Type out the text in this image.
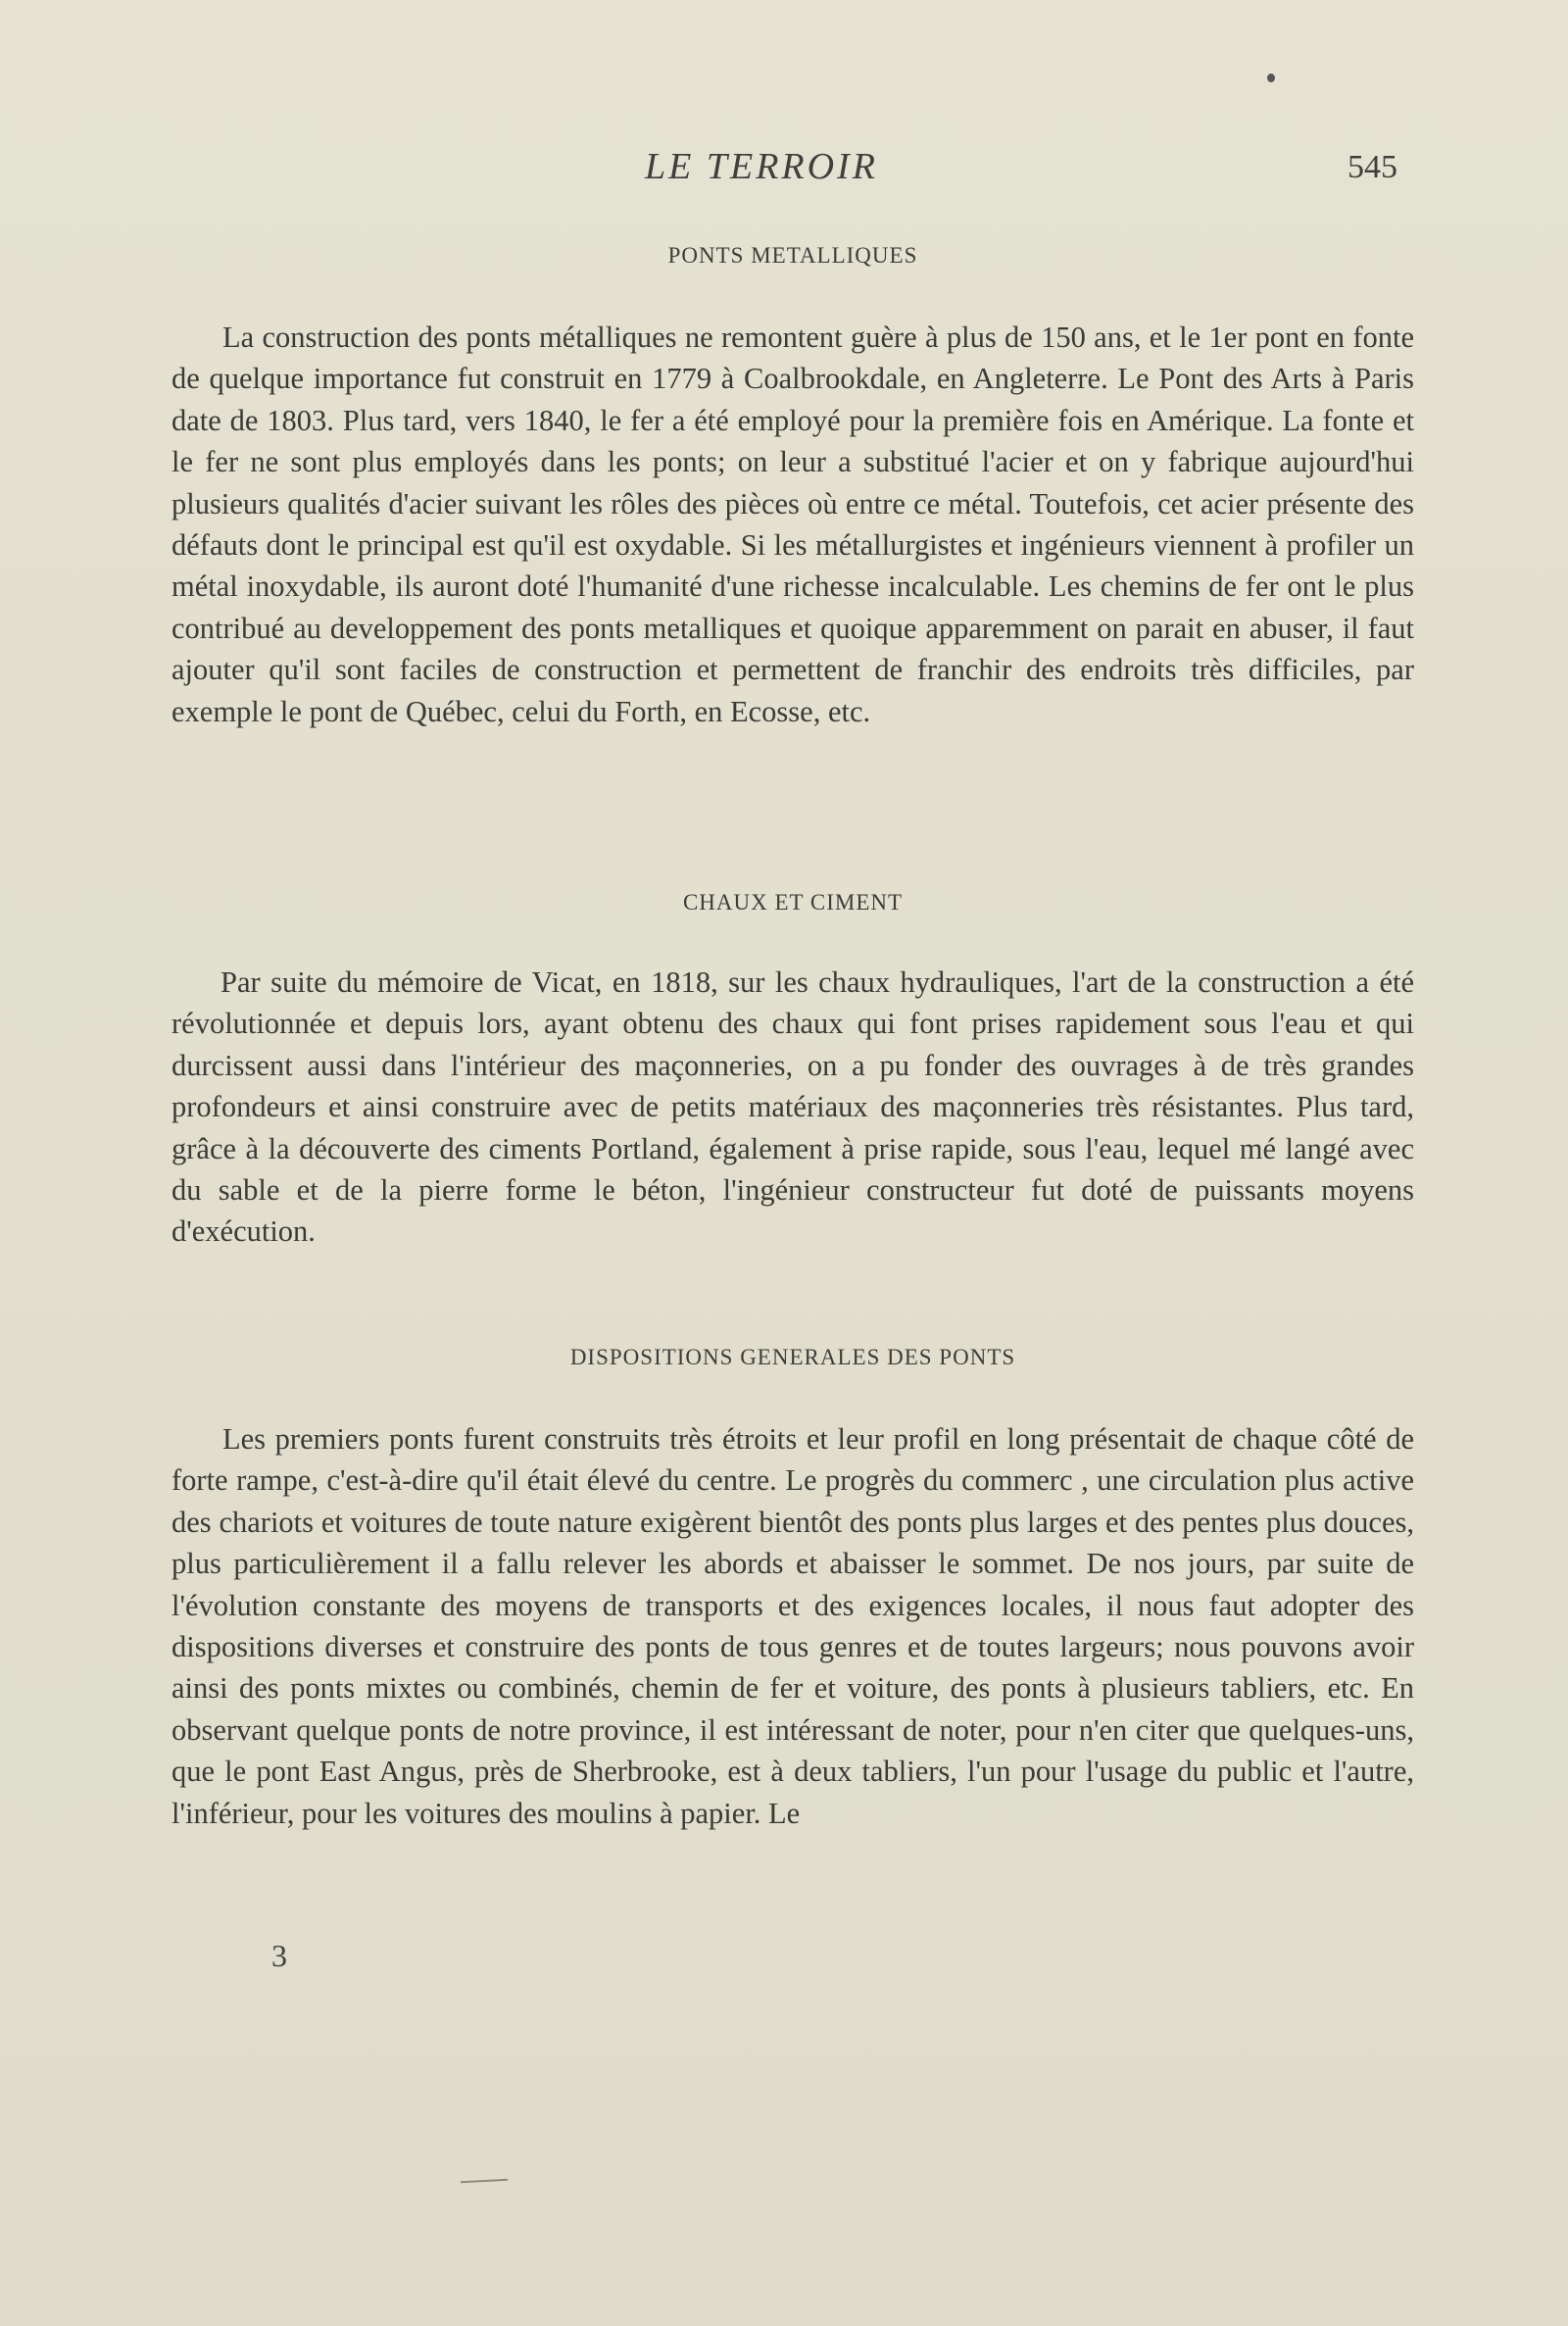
LE TERROIR	545
PONTS METALLIQUES
La construction des ponts métalliques ne remontent guère à plus de 150 ans, et le 1er pont en fonte de quelque importance fut construit en 1779 à Coalbrookdale, en Angleterre. Le Pont des Arts à Paris date de 1803. Plus tard, vers 1840, le fer a été employé pour la première fois en Amérique. La fonte et le fer ne sont plus employés dans les ponts; on leur a substitué l'acier et on y fabrique aujourd'hui plusieurs qualités d'acier suivant les rôles des pièces où entre ce métal. Toutefois, cet acier présente des défauts dont le principal est qu'il est oxydable. Si les métallurgistes et ingénieurs viennent à profiler un métal inoxydable, ils auront doté l'humanité d'une richesse incalculable. Les chemins de fer ont le plus contribué au developpement des ponts metalliques et quoique apparemment on parait en abuser, il faut ajouter qu'il sont faciles de construction et permettent de franchir des endroits très difficiles, par exemple le pont de Québec, celui du Forth, en Ecosse, etc.
CHAUX ET CIMENT
Par suite du mémoire de Vicat, en 1818, sur les chaux hydrauliques, l'art de la construction a été révolutionnée et depuis lors, ayant obtenu des chaux qui font prises rapidement sous l'eau et qui durcissent aussi dans l'intérieur des maçonneries, on a pu fonder des ouvrages à de très grandes profondeurs et ainsi construire avec de petits matériaux des maçonneries très résistantes. Plus tard, grâce à la découverte des ciments Portland, également à prise rapide, sous l'eau, lequel mé langé avec du sable et de la pierre forme le béton, l'ingénieur constructeur fut doté de puissants moyens d'exécution.
DISPOSITIONS GENERALES DES PONTS
Les premiers ponts furent construits très étroits et leur profil en long présentait de chaque côté de forte rampe, c'est-à-dire qu'il était élevé du centre. Le progrès du commerc , une circulation plus active des chariots et voitures de toute nature exigèrent bientôt des ponts plus larges et des pentes plus douces, plus particulièrement il a fallu relever les abords et abaisser le sommet. De nos jours, par suite de l'évolution constante des moyens de transports et des exigences locales, il nous faut adopter des dispositions diverses et construire des ponts de tous genres et de toutes largeurs; nous pouvons avoir ainsi des ponts mixtes ou combinés, chemin de fer et voiture, des ponts à plusieurs tabliers, etc. En observant quelque ponts de notre province, il est intéressant de noter, pour n'en citer que quelques-uns, que le pont East Angus, près de Sherbrooke, est à deux tabliers, l'un pour l'usage du public et l'autre, l'inférieur, pour les voitures des moulins à papier. Le
3
